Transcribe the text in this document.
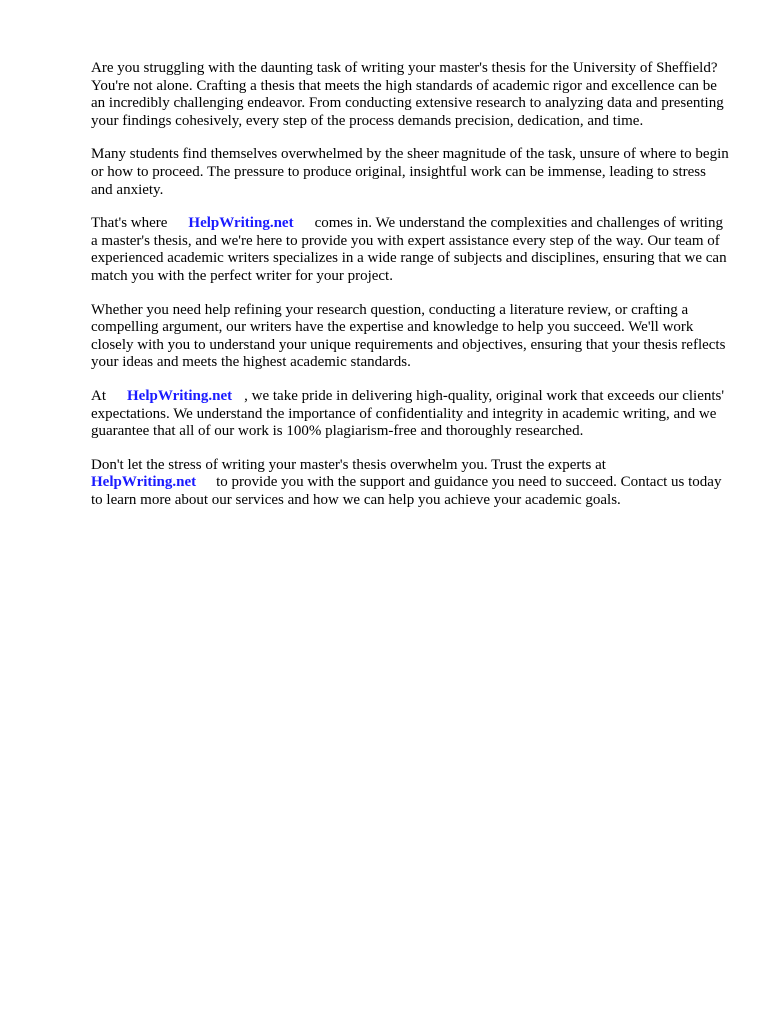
Are you struggling with the daunting task of writing your master's thesis for the University of Sheffield? You're not alone. Crafting a thesis that meets the high standards of academic rigor and excellence can be an incredibly challenging endeavor. From conducting extensive research to analyzing data and presenting your findings cohesively, every step of the process demands precision, dedication, and time.

Many students find themselves overwhelmed by the sheer magnitude of the task, unsure of where to begin or how to proceed. The pressure to produce original, insightful work can be immense, leading to stress and anxiety.

That's where HelpWriting.net comes in. We understand the complexities and challenges of writing a master's thesis, and we're here to provide you with expert assistance every step of the way. Our team of experienced academic writers specializes in a wide range of subjects and disciplines, ensuring that we can match you with the perfect writer for your project.

Whether you need help refining your research question, conducting a literature review, or crafting a compelling argument, our writers have the expertise and knowledge to help you succeed. We'll work closely with you to understand your unique requirements and objectives, ensuring that your thesis reflects your ideas and meets the highest academic standards.

At HelpWriting.net , we take pride in delivering high-quality, original work that exceeds our clients' expectations. We understand the importance of confidentiality and integrity in academic writing, and we guarantee that all of our work is 100% plagiarism-free and thoroughly researched.

Don't let the stress of writing your master's thesis overwhelm you. Trust the experts at HelpWriting.net to provide you with the support and guidance you need to succeed. Contact us today to learn more about our services and how we can help you achieve your academic goals.
